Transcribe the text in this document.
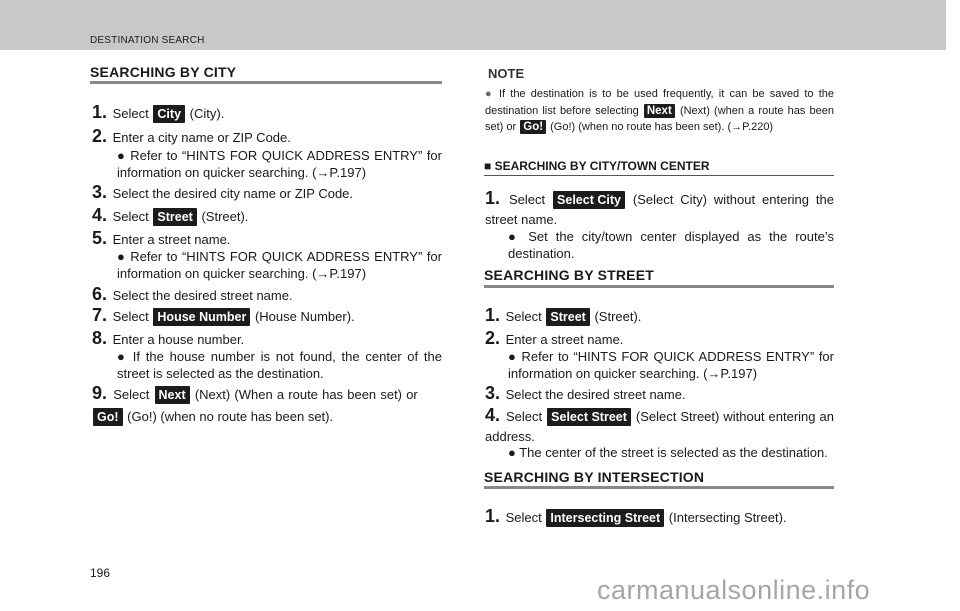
DESTINATION SEARCH
SEARCHING BY CITY
1. Select City (City).
2. Enter a city name or ZIP Code.
● Refer to “HINTS FOR QUICK ADDRESS ENTRY” for information on quicker searching. (→P.197)
3. Select the desired city name or ZIP Code.
4. Select Street (Street).
5. Enter a street name.
● Refer to “HINTS FOR QUICK ADDRESS ENTRY” for information on quicker searching. (→P.197)
6. Select the desired street name.
7. Select House Number (House Number).
8. Enter a house number.
● If the house number is not found, the center of the street is selected as the destination.
9. Select Next (Next) (When a route has been set) or Go! (Go!) (when no route has been set).
NOTE
● If the destination is to be used frequently, it can be saved to the destination list before selecting Next (Next) (when a route has been set) or Go! (Go!) (when no route has been set). (→P.220)
■ SEARCHING BY CITY/TOWN CENTER
1. Select Select City (Select City) without entering the street name.
● Set the city/town center displayed as the route’s destination.
SEARCHING BY STREET
1. Select Street (Street).
2. Enter a street name.
● Refer to “HINTS FOR QUICK ADDRESS ENTRY” for information on quicker searching. (→P.197)
3. Select the desired street name.
4. Select Select Street (Select Street) without entering an address.
● The center of the street is selected as the destination.
SEARCHING BY INTERSECTION
1. Select Intersecting Street (Intersecting Street).
196
carmanualsonline.info
